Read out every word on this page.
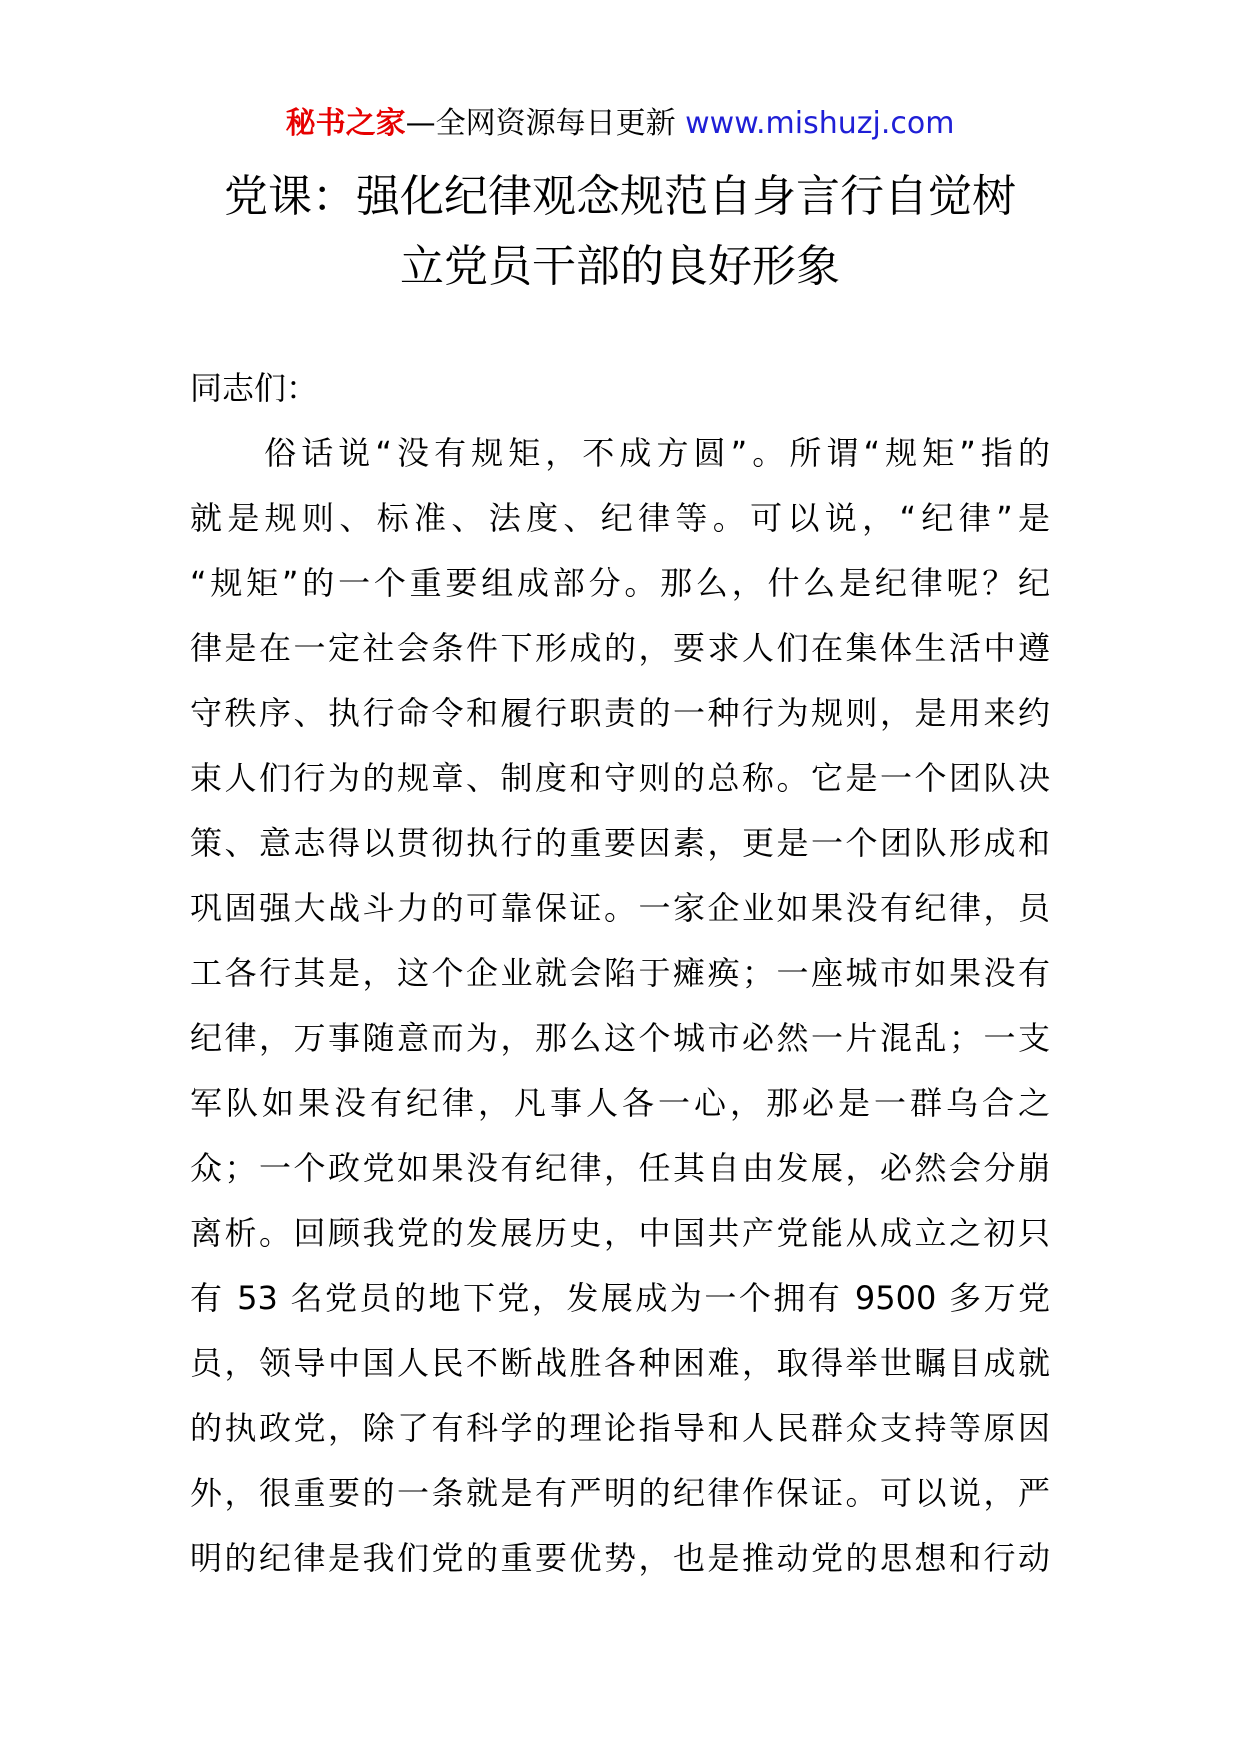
秘书之家—全网资源每日更新 www.mishuzj.com
党课：强化纪律观念规范自身言行自觉树
立党员干部的良好形象
同志们：
　　俗话说“没有规矩，不成方圆”。所谓“规矩”指的
就是规则、标准、法度、纪律等。可以说，“纪律”是
“规矩”的一个重要组成部分。那么，什么是纪律呢？纪
律是在一定社会条件下形成的，要求人们在集体生活中遵
守秩序、执行命令和履行职责的一种行为规则，是用来约
束人们行为的规章、制度和守则的总称。它是一个团队决
策、意志得以贯彻执行的重要因素，更是一个团队形成和
巩固强大战斗力的可靠保证。一家企业如果没有纪律，员
工各行其是，这个企业就会陷于瘫痪；一座城市如果没有
纪律，万事随意而为，那么这个城市必然一片混乱；一支
军队如果没有纪律，凡事人各一心，那必是一群乌合之
众；一个政党如果没有纪律，任其自由发展，必然会分崩
离析。回顾我党的发展历史，中国共产党能从成立之初只
有 53 名党员的地下党，发展成为一个拥有 9500 多万党
员，领导中国人民不断战胜各种困难，取得举世瞩目成就
的执政党，除了有科学的理论指导和人民群众支持等原因
外，很重要的一条就是有严明的纪律作保证。可以说，严
明的纪律是我们党的重要优势，也是推动党的思想和行动
